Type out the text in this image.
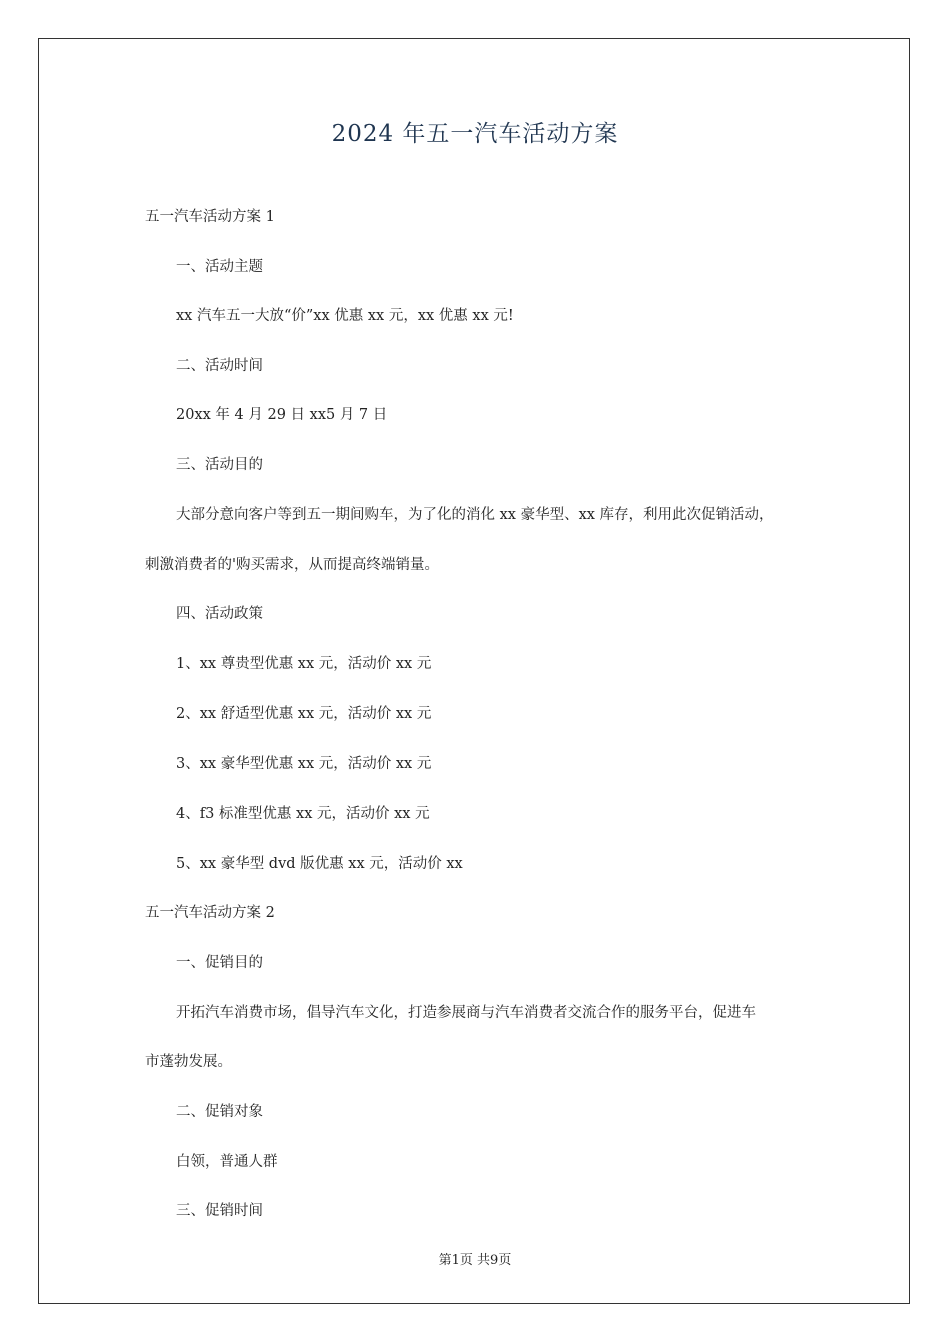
2024 年五一汽车活动方案
五一汽车活动方案 1
一、活动主题
xx 汽车五一大放“价”xx 优惠 xx 元，xx 优惠 xx 元!
二、活动时间
20xx 年 4 月 29 日 xx5 月 7 日
三、活动目的
大部分意向客户等到五一期间购车，为了化的消化 xx 豪华型、xx 库存，利用此次促销活动，
刺激消费者的'购买需求，从而提高终端销量。
四、活动政策
1、xx 尊贵型优惠 xx 元，活动价 xx 元
2、xx 舒适型优惠 xx 元，活动价 xx 元
3、xx 豪华型优惠 xx 元，活动价 xx 元
4、f3 标准型优惠 xx 元，活动价 xx 元
5、xx 豪华型 dvd 版优惠 xx 元，活动价 xx
五一汽车活动方案 2
一、促销目的
开拓汽车消费市场，倡导汽车文化，打造参展商与汽车消费者交流合作的服务平台，促进车
市蓬勃发展。
二、促销对象
白领，普通人群
三、促销时间
第1页 共9页
